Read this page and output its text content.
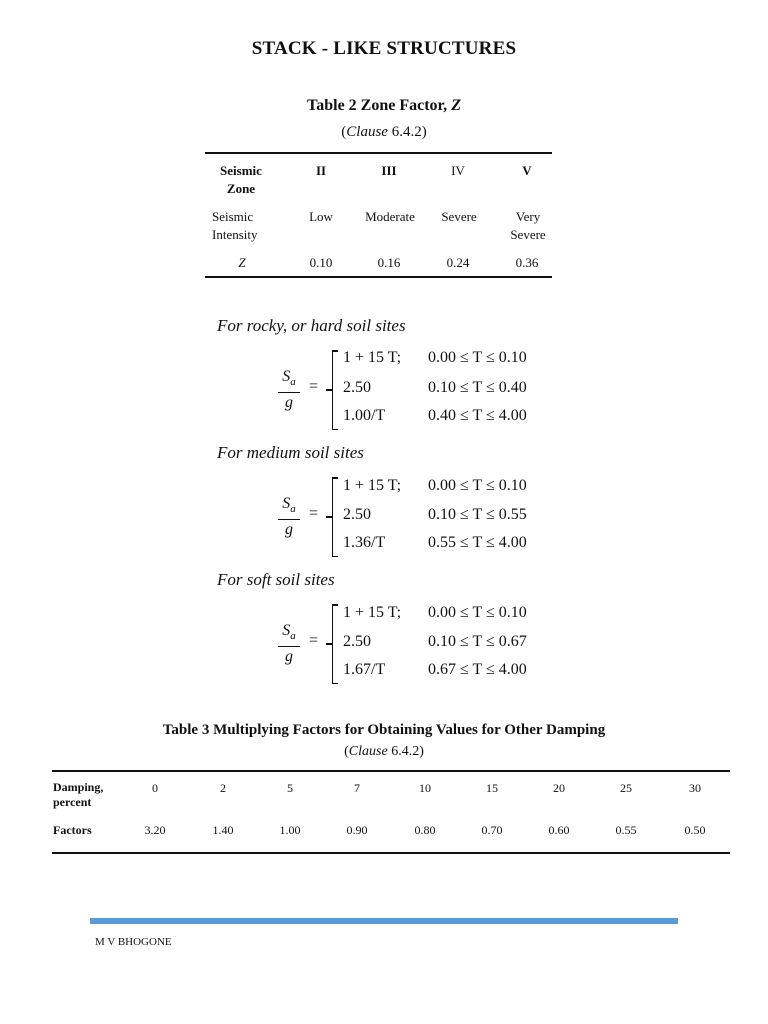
STACK - LIKE STRUCTURES
Table 2 Zone Factor, Z
(Clause 6.4.2)
Seismic
Zone
II	III	IV	V
Seismic
Intensity
Low	Moderate	Severe	Very Severe
Z	0.10	0.16	0.24	0.36
For rocky, or hard soil sites
$S_a$
g
=
1 + 15 T; 0.00 ≤ T ≤ 0.10
2.50	0.10 ≤ T ≤ 0.40
1.00/T	0.40 ≤ T ≤ 4.00
For medium soil sites
$S_a$
g
=
1 + 15 T; 0.00 ≤ T ≤ 0.10
2.50	0.10 ≤ T ≤ 0.55
1.36/T	0.55 ≤ T ≤ 4.00
For soft soil sites
$S_a$
g
=
1 + 15 T; 0.00 ≤ T ≤ 0.10
2.50	0.10 ≤ T ≤ 0.67
1.67/T	0.67 ≤ T ≤ 4.00
Table 3 Multiplying Factors for Obtaining Values for Other Damping
(Clause 6.4.2)
Damping,
percent
0	2	5	7	10	15	20	25	30
Factors	3.20	1.40	1.00	0.90	0.80	0.70	0.60	0.55	0.50
M V BHOGONE
